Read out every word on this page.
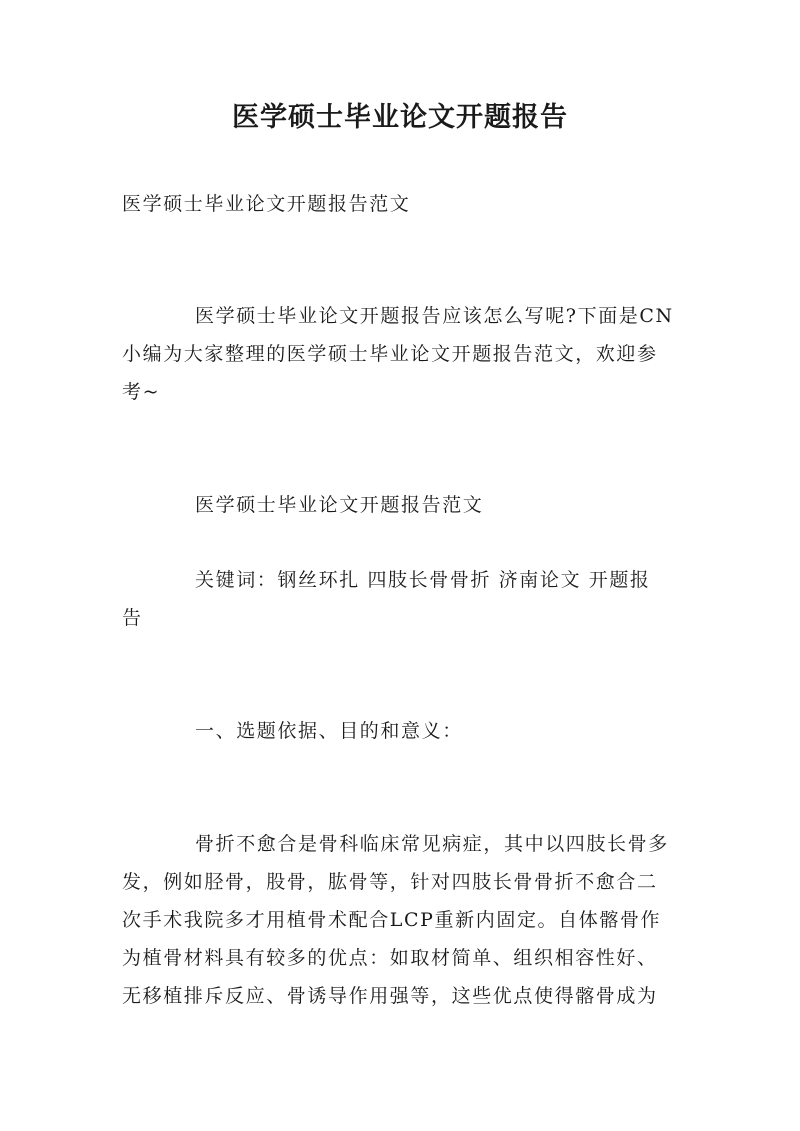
医学硕士毕业论文开题报告
医学硕士毕业论文开题报告范文
医学硕士毕业论文开题报告应该怎么写呢?下面是CN
小编为大家整理的医学硕士毕业论文开题报告范文，欢迎参
考~
医学硕士毕业论文开题报告范文
关键词：钢丝环扎 四肢长骨骨折 济南论文 开题报
告
一、选题依据、目的和意义：
骨折不愈合是骨科临床常见病症，其中以四肢长骨多
发，例如胫骨，股骨，肱骨等，针对四肢长骨骨折不愈合二
次手术我院多才用植骨术配合LCP重新内固定。自体髂骨作
为植骨材料具有较多的优点：如取材简单、组织相容性好、
无移植排斥反应、骨诱导作用强等，这些优点使得髂骨成为
